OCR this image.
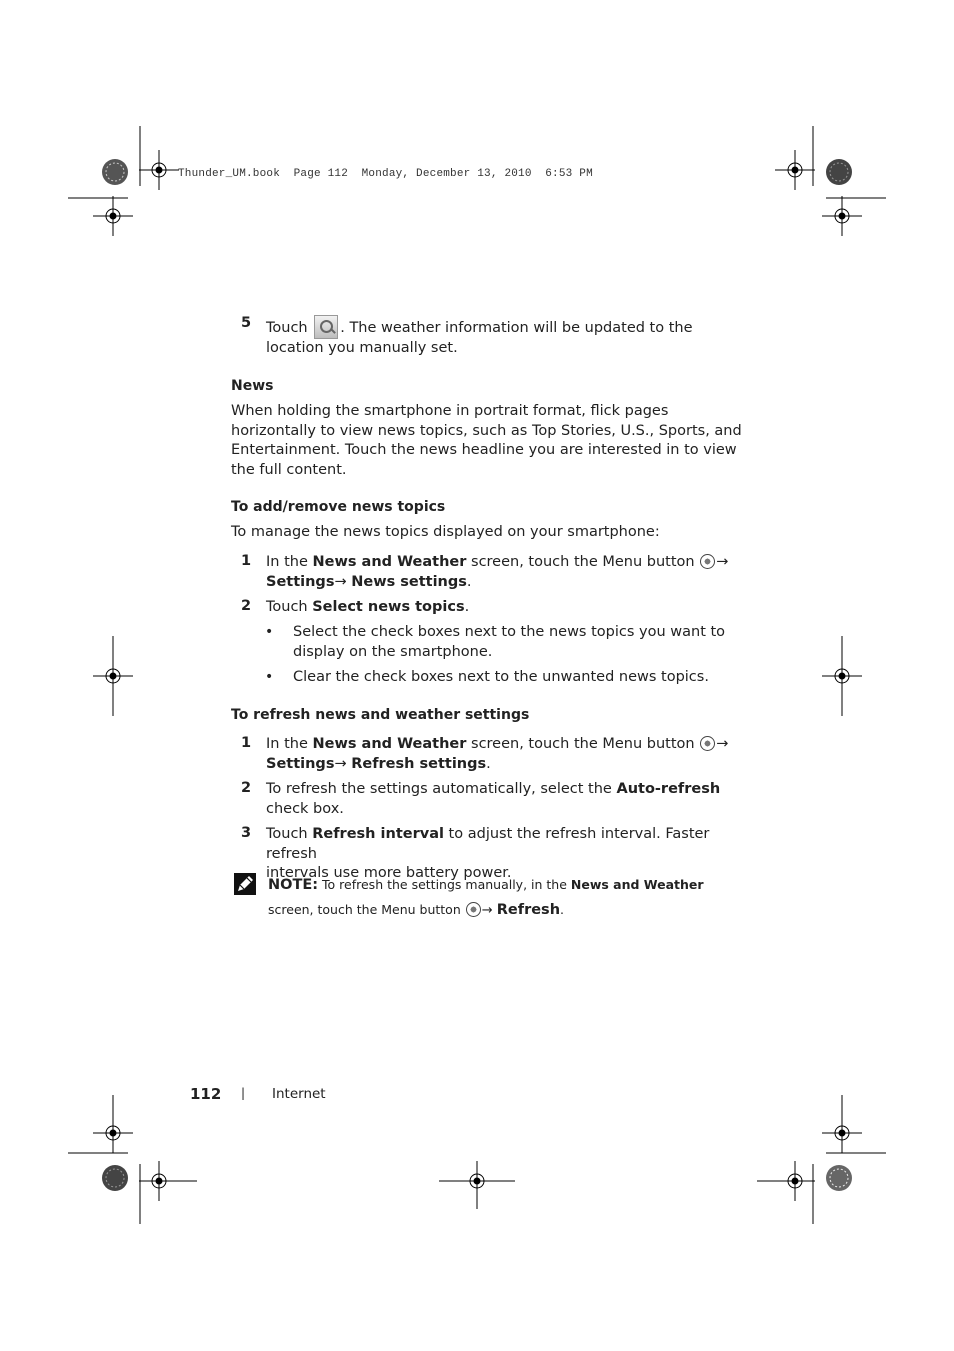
Thunder_UM.book  Page 112  Monday, December 13, 2010  6:53 PM
5 Touch . The weather information will be updated to the
location you manually set.
News
When holding the smartphone in portrait format, flick pages
horizontally to view news topics, such as Top Stories, U.S., Sports, and
Entertainment. Touch the news headline you are interested in to view
the full content.
To add/remove news topics
To manage the news topics displayed on your smartphone:
1 In the News and Weather screen, touch the Menu button →
Settings→ News settings.
2 Touch Select news topics.
• Select the check boxes next to the news topics you want to
display on the smartphone.
• Clear the check boxes next to the unwanted news topics.
To refresh news and weather settings
1 In the News and Weather screen, touch the Menu button →
Settings→ Refresh settings.
2 To refresh the settings automatically, select the Auto-refresh
check box.
3 Touch Refresh interval to adjust the refresh interval. Faster refresh
intervals use more battery power.
NOTE: To refresh the settings manually, in the News and Weather
screen, touch the Menu button → Refresh.
112 | Internet
